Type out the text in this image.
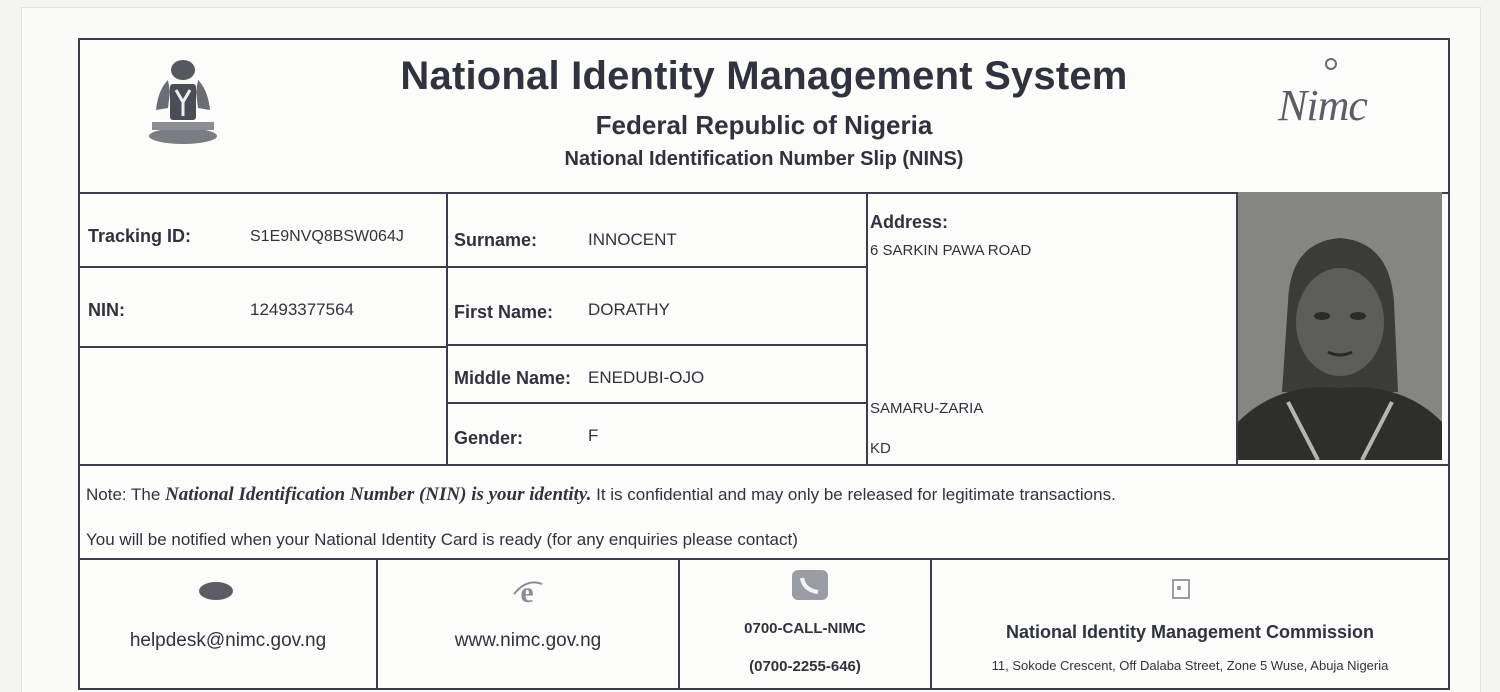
National Identity Management System
Federal Republic of Nigeria
National Identification Number Slip (NINS)
Nimc
Tracking ID:	S1E9NVQ8BSW064J
NIN:	12493377564
Surname:	INNOCENT
First Name: DORATHY
Middle Name: ENEDUBI-OJO
Gender:	F
Address:
6 SARKIN PAWA ROAD
SAMARU-ZARIA
KD
Note: The National Identification Number (NIN) is your identity. It is confidential and may only be released for legitimate transactions.
You will be notified when your National Identity Card is ready (for any enquiries please contact)
helpdesk@nimc.gov.ng
e
www.nimc.gov.ng
0700-CALL-NIMC
(0700-2255-646)
National Identity Management Commission
11, Sokode Crescent, Off Dalaba Street, Zone 5 Wuse, Abuja Nigeria
